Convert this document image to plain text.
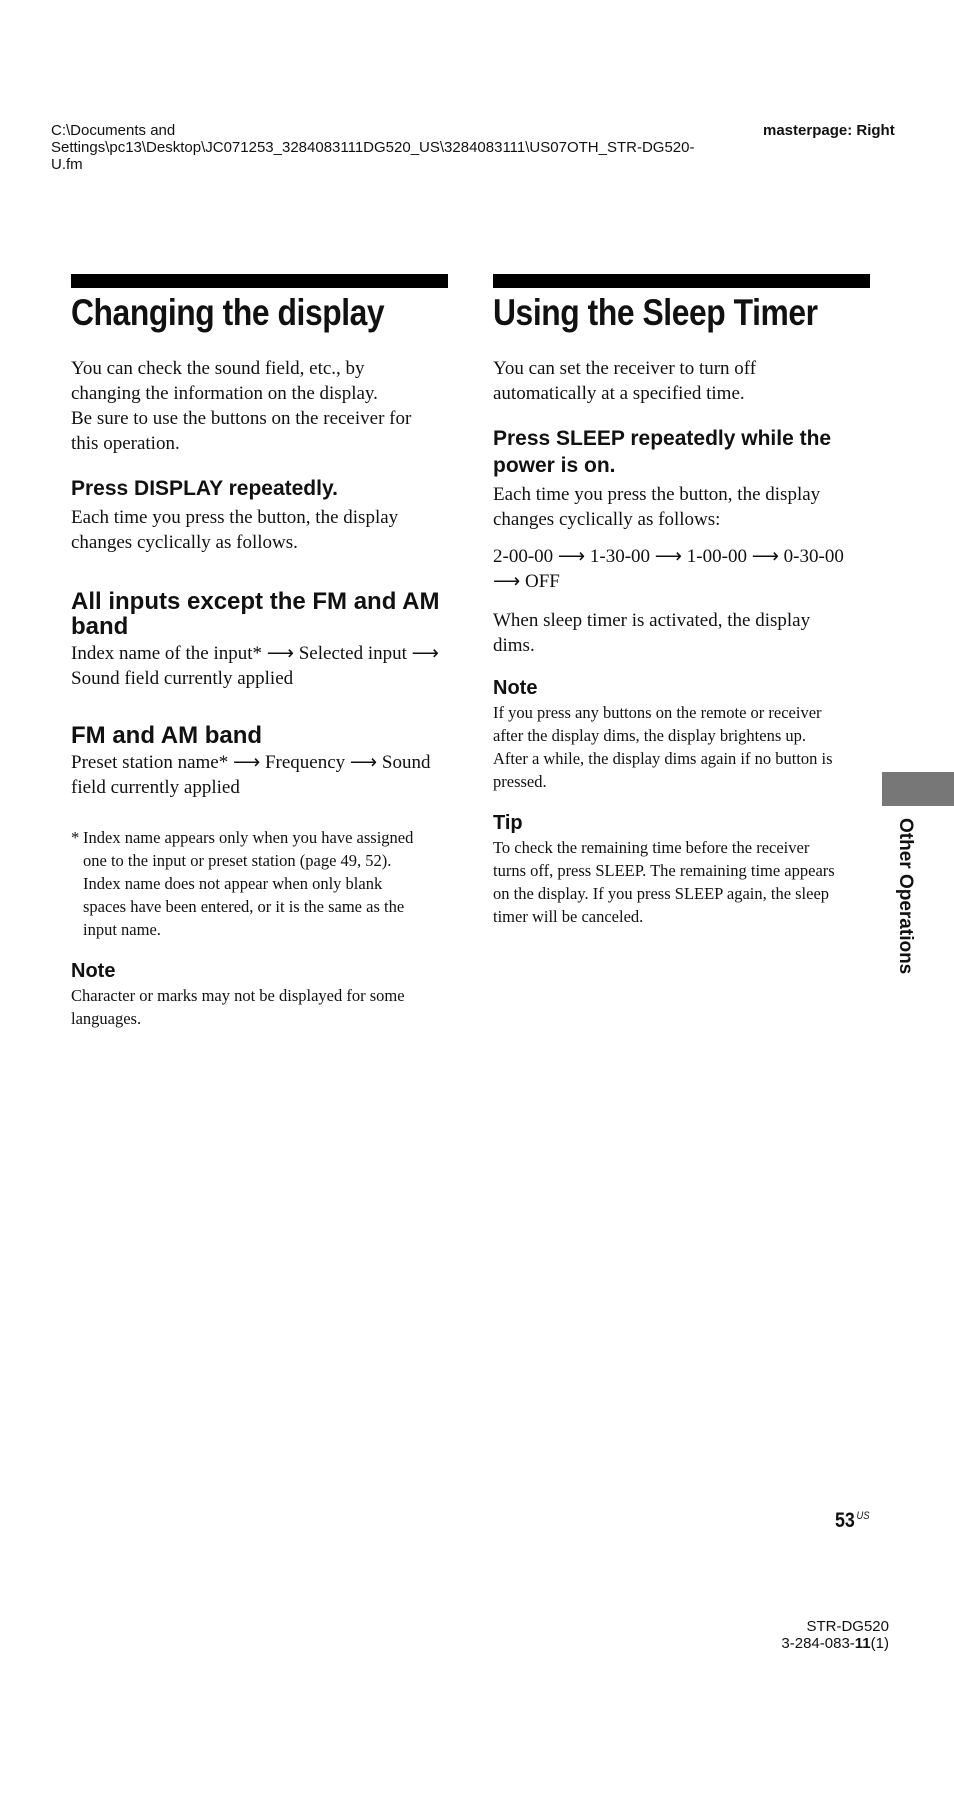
C:\Documents and
Settings\pc13\Desktop\JC071253_3284083111DG520_US\3284083111\US07OTH_STR-DG520-
U.fm
masterpage: Right
Changing the display

You can check the sound field, etc., by
changing the information on the display.
Be sure to use the buttons on the receiver for
this operation.

Press DISPLAY repeatedly.

Each time you press the button, the display
changes cyclically as follows.

All inputs except the FM and AM
band

Index name of the input* ⟶ Selected input ⟶
Sound field currently applied

FM and AM band

Preset station name* ⟶ Frequency ⟶ Sound
field currently applied

* Index name appears only when you have assigned
one to the input or preset station (page 49, 52).
Index name does not appear when only blank
spaces have been entered, or it is the same as the
input name.
Note

Character or marks may not be displayed for some
languages.

Using the Sleep Timer

You can set the receiver to turn off
automatically at a specified time.

Press SLEEP repeatedly while the
power is on.

Each time you press the button, the display
changes cyclically as follows:

2-00-00 ⟶ 1-30-00 ⟶ 1-00-00 ⟶ 0-30-00
⟶ OFF

When sleep timer is activated, the display
dims.

Note

If you press any buttons on the remote or receiver
after the display dims, the display brightens up.
After a while, the display dims again if no button is
pressed.

Tip

To check the remaining time before the receiver
turns off, press SLEEP. The remaining time appears
on the display. If you press SLEEP again, the sleep
timer will be canceled.	Other Operations
53 $^{US}$
STR-DG520
3-284-083-11(1)
